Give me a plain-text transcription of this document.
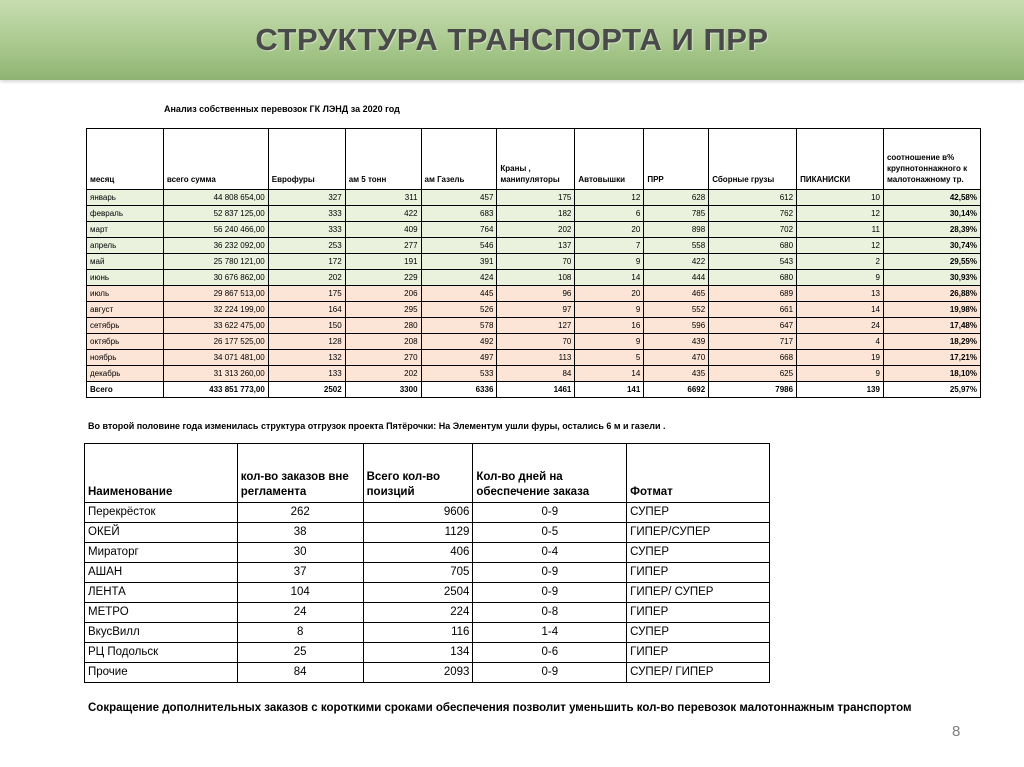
СТРУКТУРА ТРАНСПОРТА И ПРР
Анализ собственных перевозок ГК ЛЭНД за 2020 год
месяц	всего сумма	Еврофуры	ам 5 тонн	ам Газель	Краны , манипуляторы	Автовышки	ПРР	Сборные грузы	ПИКАНИСКИ	соотношение в% крупнотоннажного к малотонажному тр.
январь	44 808 654,00	327	311	457	175	12	628	612	10	42,58%
февраль	52 837 125,00	333	422	683	182	6	785	762	12	30,14%
март	56 240 466,00	333	409	764	202	20	898	702	11	28,39%
апрель	36 232 092,00	253	277	546	137	7	558	680	12	30,74%
май	25 780 121,00	172	191	391	70	9	422	543	2	29,55%
июнь	30 676 862,00	202	229	424	108	14	444	680	9	30,93%
июль	29 867 513,00	175	206	445	96	20	465	689	13	26,88%
август	32 224 199,00	164	295	526	97	9	552	661	14	19,98%
сетябрь	33 622 475,00	150	280	578	127	16	596	647	24	17,48%
октябрь	26 177 525,00	128	208	492	70	9	439	717	4	18,29%
ноябрь	34 071 481,00	132	270	497	113	5	470	668	19	17,21%
декабрь	31 313 260,00	133	202	533	84	14	435	625	9	18,10%
Всего	433 851 773,00	2502	3300	6336	1461	141	6692	7986	139	25,97%
Во второй половине года изменилась структура отгрузок проекта Пятёрочки: На Элементум ушли фуры, остались 6 м и газели .
Наименование	кол-во заказов вне регламента	Всего кол-во поизций	Кол-во дней на обеспечение заказа	Фотмат
Перекрёсток	262	9606	0-9	СУПЕР
ОКЕЙ	38	1129	0-5	ГИПЕР/СУПЕР
Мираторг	30	406	0-4	СУПЕР
АШАН	37	705	0-9	ГИПЕР
ЛЕНТА	104	2504	0-9	ГИПЕР/ СУПЕР
МЕТРО	24	224	0-8	ГИПЕР
ВкусВилл	8	116	1-4	СУПЕР
РЦ Подольск	25	134	0-6	ГИПЕР
Прочие	84	2093	0-9	СУПЕР/ ГИПЕР
Сокращение дополнительных заказов с короткими сроками обеспечения позволит уменьшить кол-во перевозок малотоннажным транспортом
8
